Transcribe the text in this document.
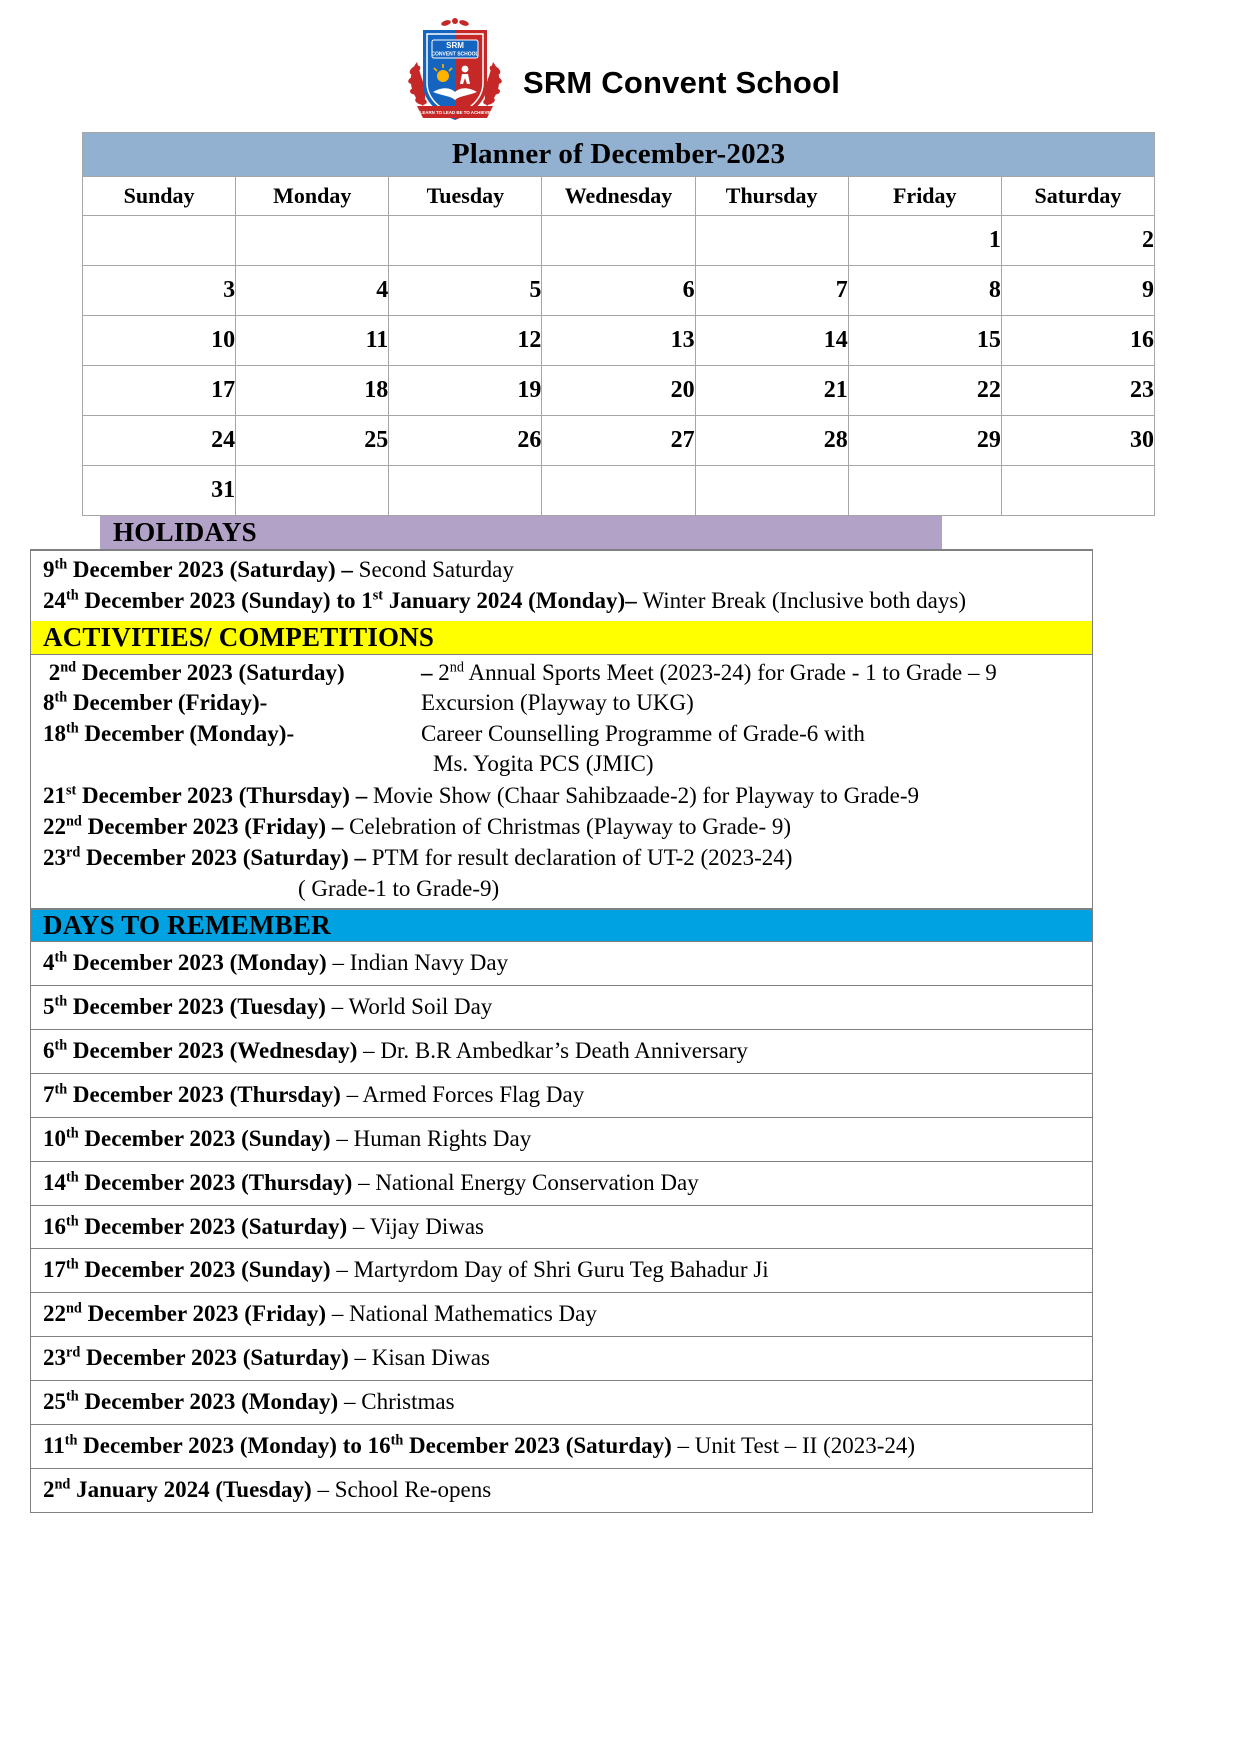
SRM
CONVENT SCHOOL
LEARN TO LEAD BE TO ACHIEVE
SRM Convent School
Planner of December-2023						
Sunday	Monday	Tuesday	Wednesday	Thursday	Friday	Saturday
					1	2
3	4	5	6	7	8	9
10	11	12	13	14	15	16
17	18	19	20	21	22	23
24	25	26	27	28	29	30
31						
HOLIDAYS
9th December 2023 (Saturday) – Second Saturday
24th December 2023 (Sunday) to 1st January 2024 (Monday)– Winter Break (Inclusive both days)
ACTIVITIES/ COMPETITIONS
2nd December 2023 (Saturday)	– 2nd Annual Sports Meet (2023-24) for Grade - 1 to Grade – 9
8th December (Friday)-	Excursion (Playway to UKG)
18th December (Monday)-	Career Counselling Programme of Grade-6 with
Ms. Yogita PCS (JMIC)
21st December 2023 (Thursday) – Movie Show (Chaar Sahibzaade-2) for Playway to Grade-9
22nd December 2023 (Friday) – Celebration of Christmas (Playway to Grade- 9)
23rd December 2023 (Saturday) – PTM for result declaration of UT-2 (2023-24)
( Grade-1 to Grade-9)
DAYS TO REMEMBER
4th December 2023 (Monday) – Indian Navy Day
5th December 2023 (Tuesday) – World Soil Day
6th December 2023 (Wednesday) – Dr. B.R Ambedkar’s Death Anniversary
7th December 2023 (Thursday) – Armed Forces Flag Day
10th December 2023 (Sunday) – Human Rights Day
14th December 2023 (Thursday) – National Energy Conservation Day
16th December 2023 (Saturday) – Vijay Diwas
17th December 2023 (Sunday) – Martyrdom Day of Shri Guru Teg Bahadur Ji
22nd December 2023 (Friday) – National Mathematics Day
23rd December 2023 (Saturday) – Kisan Diwas
25th December 2023 (Monday) – Christmas
11th December 2023 (Monday) to 16th December 2023 (Saturday) – Unit Test – II (2023-24)
2nd January 2024 (Tuesday) – School Re-opens
